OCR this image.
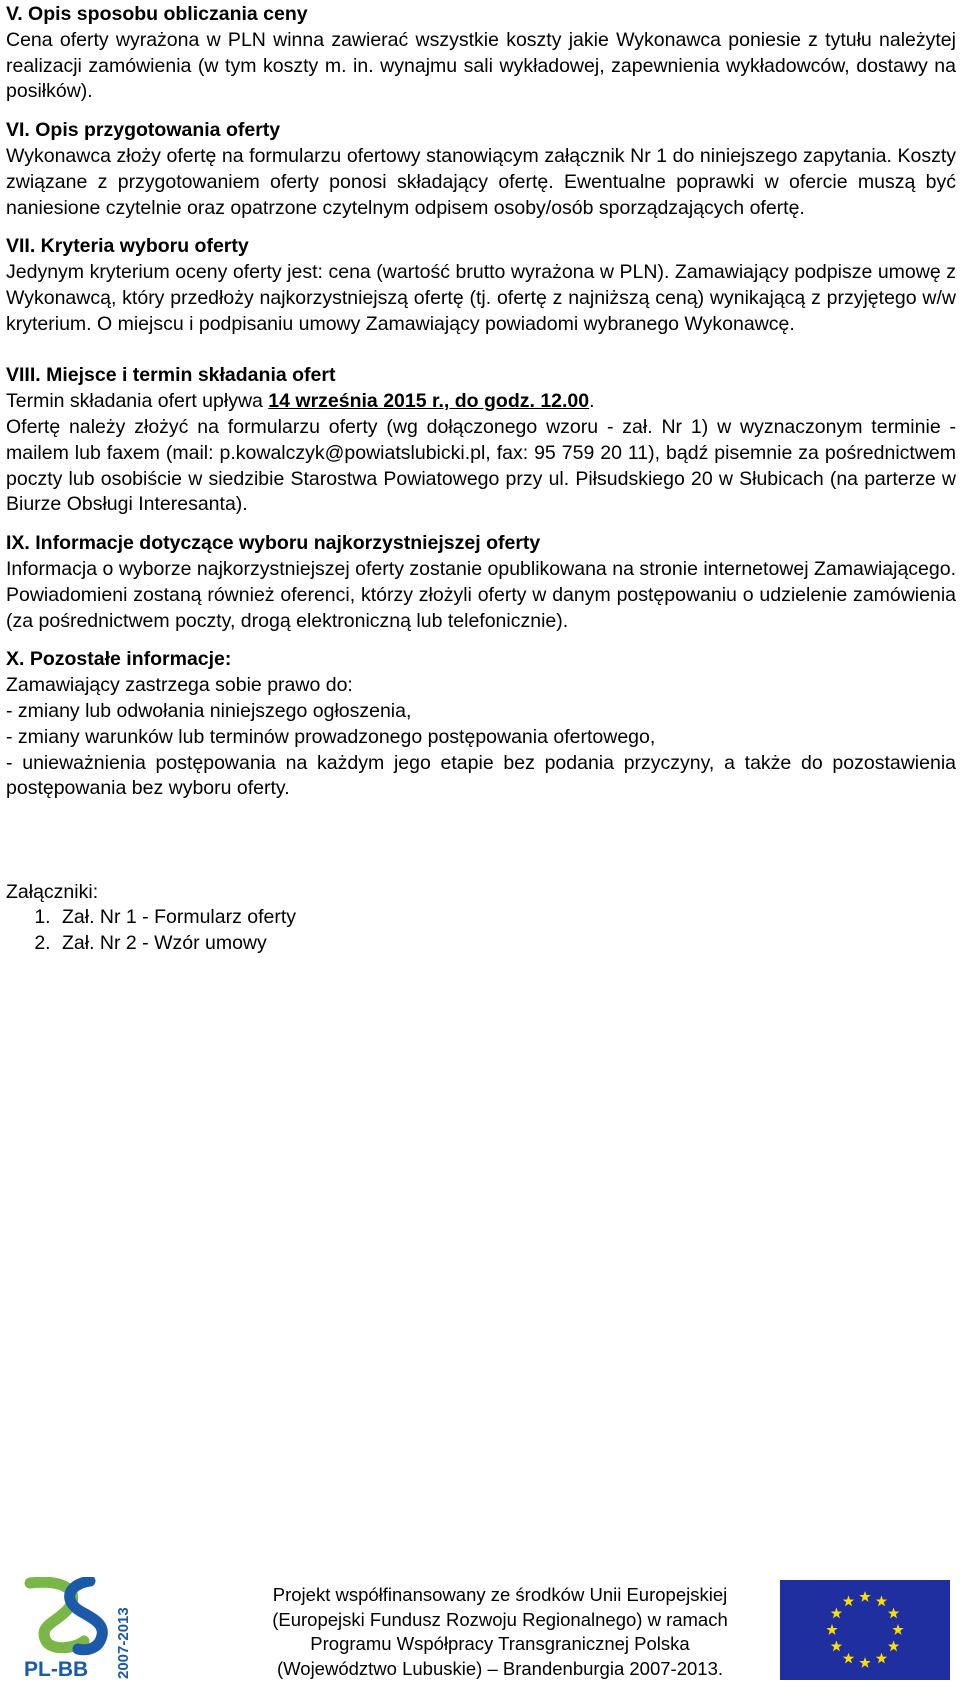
V. Opis sposobu obliczania ceny

Cena oferty wyrażona w PLN winna zawierać wszystkie koszty jakie Wykonawca poniesie z tytułu należytej realizacji zamówienia (w tym koszty m. in. wynajmu sali wykładowej, zapewnienia wykładowców, dostawy na posiłków).

VI. Opis przygotowania oferty

Wykonawca złoży ofertę na formularzu ofertowy stanowiącym załącznik Nr 1 do niniejszego zapytania. Koszty związane z przygotowaniem oferty ponosi składający ofertę. Ewentualne poprawki w ofercie muszą być naniesione czytelnie oraz opatrzone czytelnym odpisem osoby/osób sporządzających ofertę.

VII. Kryteria wyboru oferty

Jedynym kryterium oceny oferty jest: cena (wartość brutto wyrażona w PLN). Zamawiający podpisze umowę z Wykonawcą, który przedłoży najkorzystniejszą ofertę (tj. ofertę z najniższą ceną) wynikającą z przyjętego w/w kryterium. O miejscu i podpisaniu umowy Zamawiający powiadomi wybranego Wykonawcę.

VIII. Miejsce i termin składania ofert

Termin składania ofert upływa 14 września 2015 r., do godz. 12.00.

Ofertę należy złożyć na formularzu oferty (wg dołączonego wzoru - zał. Nr 1) w wyznaczonym terminie - mailem lub faxem (mail: p.kowalczyk@powiatslubicki.pl, fax: 95 759 20 11), bądź pisemnie za pośrednictwem poczty lub osobiście w siedzibie Starostwa Powiatowego przy ul. Piłsudskiego 20 w Słubicach (na parterze w Biurze Obsługi Interesanta).

IX. Informacje dotyczące wyboru najkorzystniejszej oferty

Informacja o wyborze najkorzystniejszej oferty zostanie opublikowana na stronie internetowej Zamawiającego. Powiadomieni zostaną również oferenci, którzy złożyli oferty w danym postępowaniu o udzielenie zamówienia (za pośrednictwem poczty, drogą elektroniczną lub telefonicznie).

X. Pozostałe informacje:
Zamawiający zastrzega sobie prawo do:
- zmiany lub odwołania niniejszego ogłoszenia,
- zmiany warunków lub terminów prowadzonego postępowania ofertowego,

- unieważnienia postępowania na każdym jego etapie bez podania przyczyny, a także do pozostawienia postępowania bez wyboru oferty.

Załączniki:
1. Zał. Nr 1 - Formularz oferty
2. Zał. Nr 2 - Wzór umowy
PL-BB 2007-2013
Projekt współfinansowany ze środków Unii Europejskiej
(Europejski Fundusz Rozwoju Regionalnego) w ramach
Programu Współpracy Transgranicznej Polska
(Województwo Lubuskie) – Brandenburgia 2007-2013.
